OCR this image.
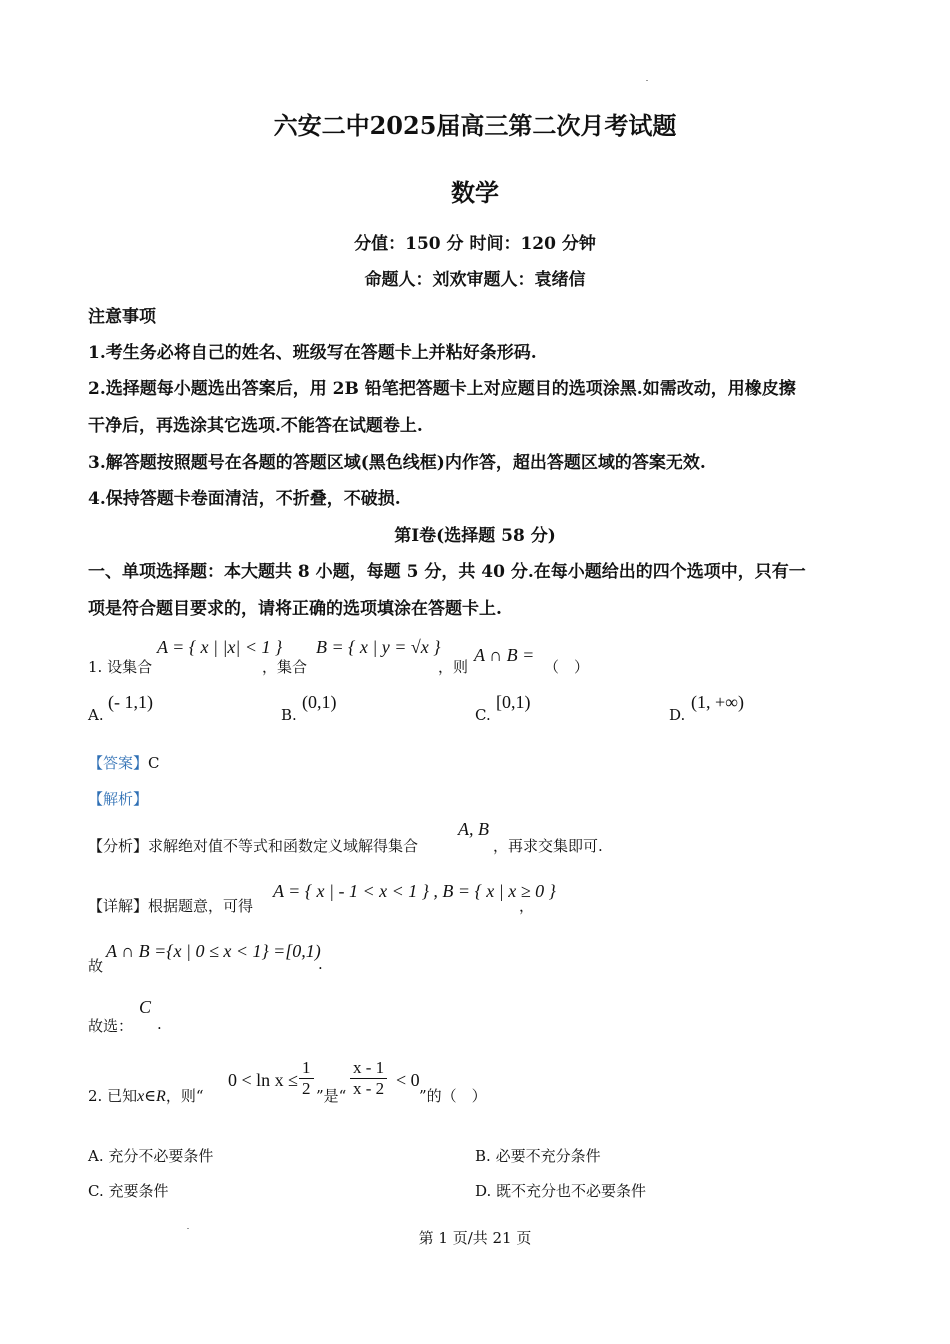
六安二中2025届高三第二次月考试题
数学
分值：150 分 时间：120 分钟
命题人：刘欢审题人：袁绪信
注意事项
1.考生务必将自己的姓名、班级写在答题卡上并粘好条形码.
2.选择题每小题选出答案后，用 2B 铅笔把答题卡上对应题目的选项涂黑.如需改动，用橡皮擦
干净后，再选涂其它选项.不能答在试题卷上.
3.解答题按照题号在各题的答题区域(黑色线框)内作答，超出答题区域的答案无效.
4.保持答题卡卷面清洁，不折叠，不破损.
第Ⅰ卷(选择题 58 分)
一、单项选择题：本大题共 8 小题，每题 5 分，共 40 分.在每小题给出的四个选项中，只有一
项是符合题目要求的，请将正确的选项填涂在答题卡上.
1. 设集合
A = { x | |x| < 1 }
，集合
B = { x | y = √x }
，则
A ∩ B =
（　）
A.
(- 1,1)
B.
(0,1)
C.
[0,1)
D.
(1, +∞)
【答案】C
【解析】
【分析】求解绝对值不等式和函数定义域解得集合
A, B
，再求交集即可.
【详解】根据题意，可得
A = { x | - 1 < x < 1 } , B = { x | x ≥ 0 }
，
故
A ∩ B ={x | 0 ≤ x < 1} =[0,1)
.
故选：
C
.
2. 已知x∈R，则“
$0 < \ln x \le \frac{1}{2}$ ”是“ $\frac{x - 1}{x - 2} < 0$
”的（　）
A. 充分不必要条件	B. 必要不充分条件
C. 充要条件	D. 既不充分也不必要条件
第 1 页/共 21 页
